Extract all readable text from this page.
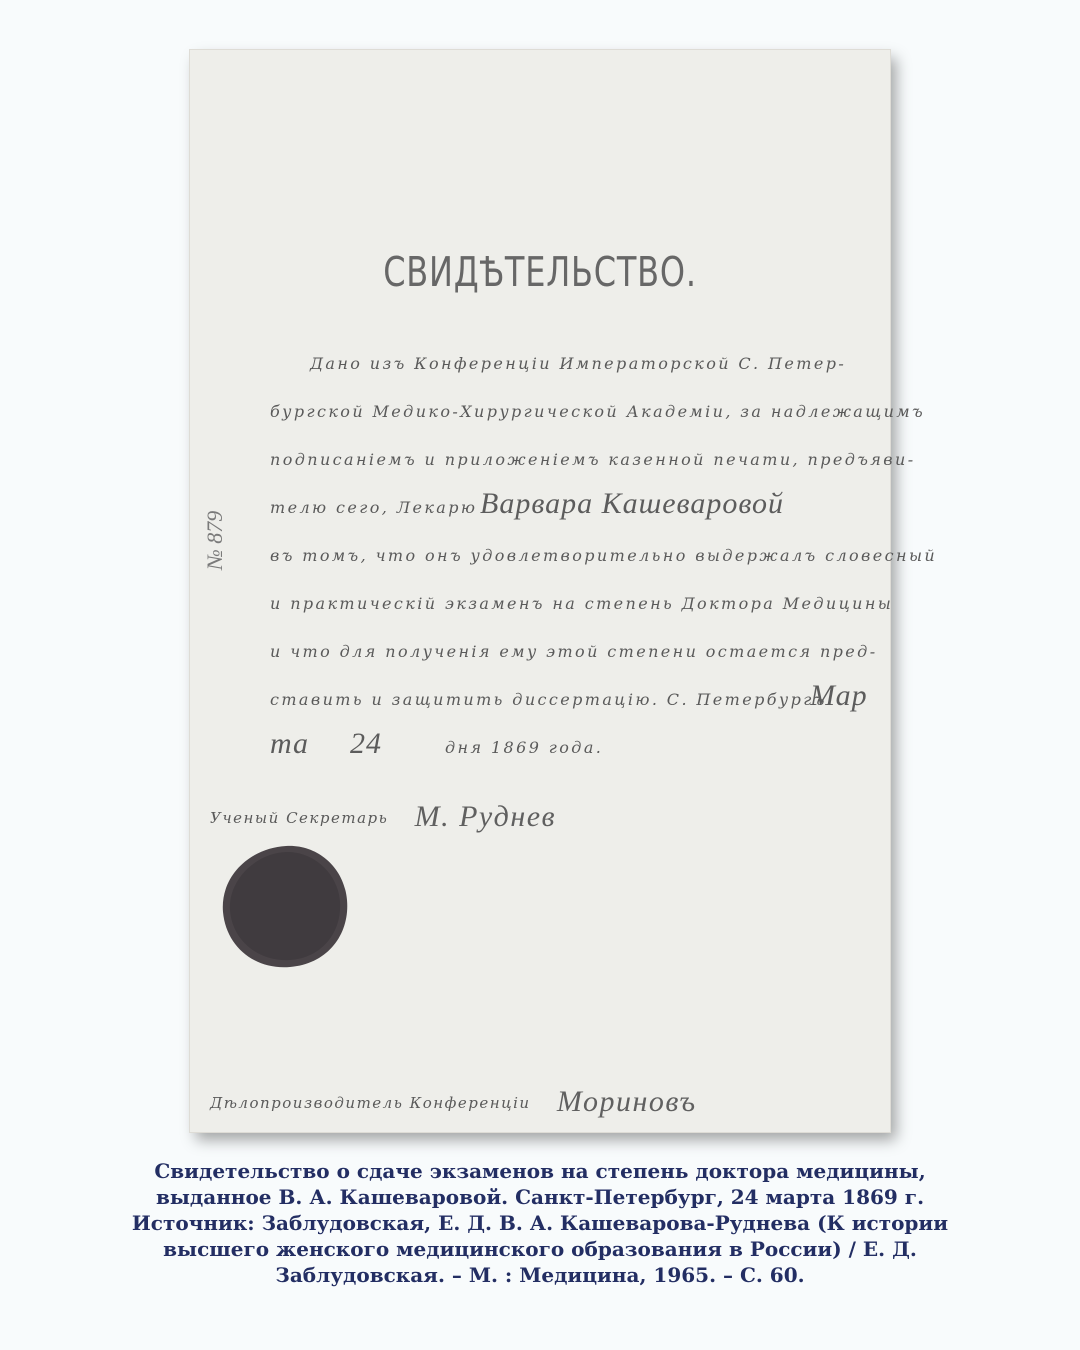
СВИДѢТЕЛЬСТВО.
№ 879
Дано изъ Конференціи Императорской С. Петер-
бургской Медико-Хирургической Академіи, за надлежащимъ
подписаніемъ и приложеніемъ казенной печати, предъяви-
телю сего, Лекарю Варвара Кашеваровой
въ томъ, что онъ удовлетворительно выдержалъ словесный
и практическій экзаменъ на степень Доктора Медицины
и что для полученія ему этой степени остается пред-
ставить и защитить диссертацію. С. Петербургъ
Мар
та 24	дня 1869 года.
Ученый Секретарь М. Руднев
Дѣлопроизводитель Конференціи Мориновъ
Свидетельство о сдаче экзаменов на степень доктора медицины,
выданное В. А. Кашеваровой. Санкт-Петербург, 24 марта 1869 г.
Источник: Заблудовская, Е. Д. В. А. Кашеварова-Руднева (К истории
высшего женского медицинского образования в России) / Е. Д.
Заблудовская. – М. : Медицина, 1965. – С. 60.
